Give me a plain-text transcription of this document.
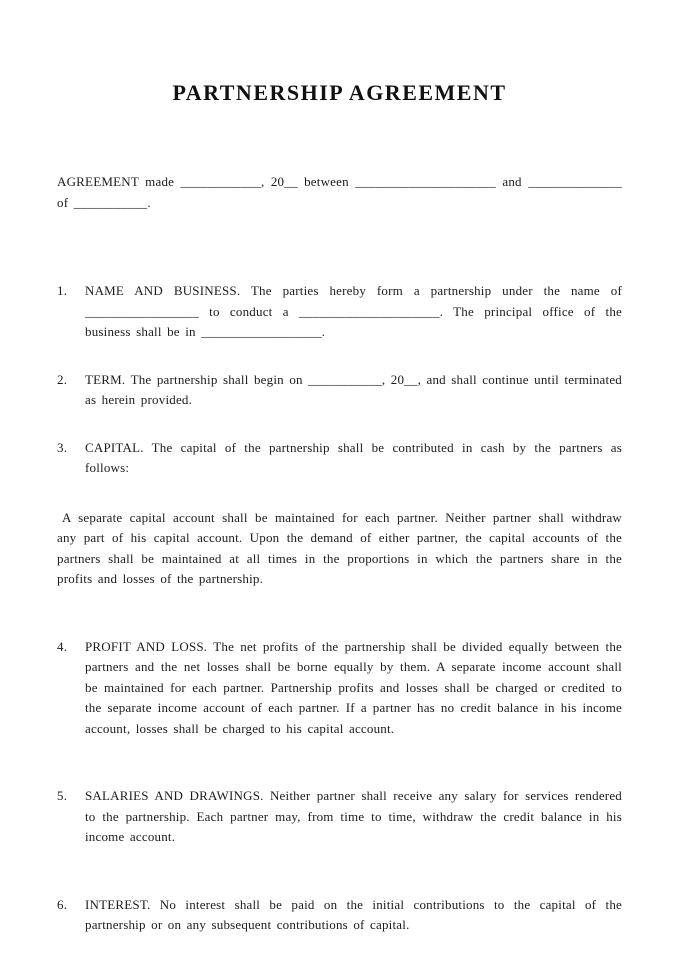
PARTNERSHIP AGREEMENT

AGREEMENT made ____________, 20__ between _____________________ and ______________ of ___________.

1.	NAME AND BUSINESS. The parties hereby form a partnership under the name of _________________ to conduct a _____________________. The principal office of the business shall be in __________________.
2.	TERM. The partnership shall begin on ___________, 20__, and shall continue until terminated as herein provided.
3.	CAPITAL. The capital of the partnership shall be contributed in cash by the partners as follows:

A separate capital account shall be maintained for each partner. Neither partner shall withdraw any part of his capital account. Upon the demand of either partner, the capital accounts of the partners shall be maintained at all times in the proportions in which the partners share in the profits and losses of the partnership.

4.	PROFIT AND LOSS. The net profits of the partnership shall be divided equally between the partners and the net losses shall be borne equally by them. A separate income account shall be maintained for each partner. Partnership profits and losses shall be charged or credited to the separate income account of each partner. If a partner has no credit balance in his income account, losses shall be charged to his capital account.
5.	SALARIES AND DRAWINGS. Neither partner shall receive any salary for services rendered to the partnership. Each partner may, from time to time, withdraw the credit balance in his income account.
6.	INTEREST. No interest shall be paid on the initial contributions to the capital of the partnership or on any subsequent contributions of capital.
